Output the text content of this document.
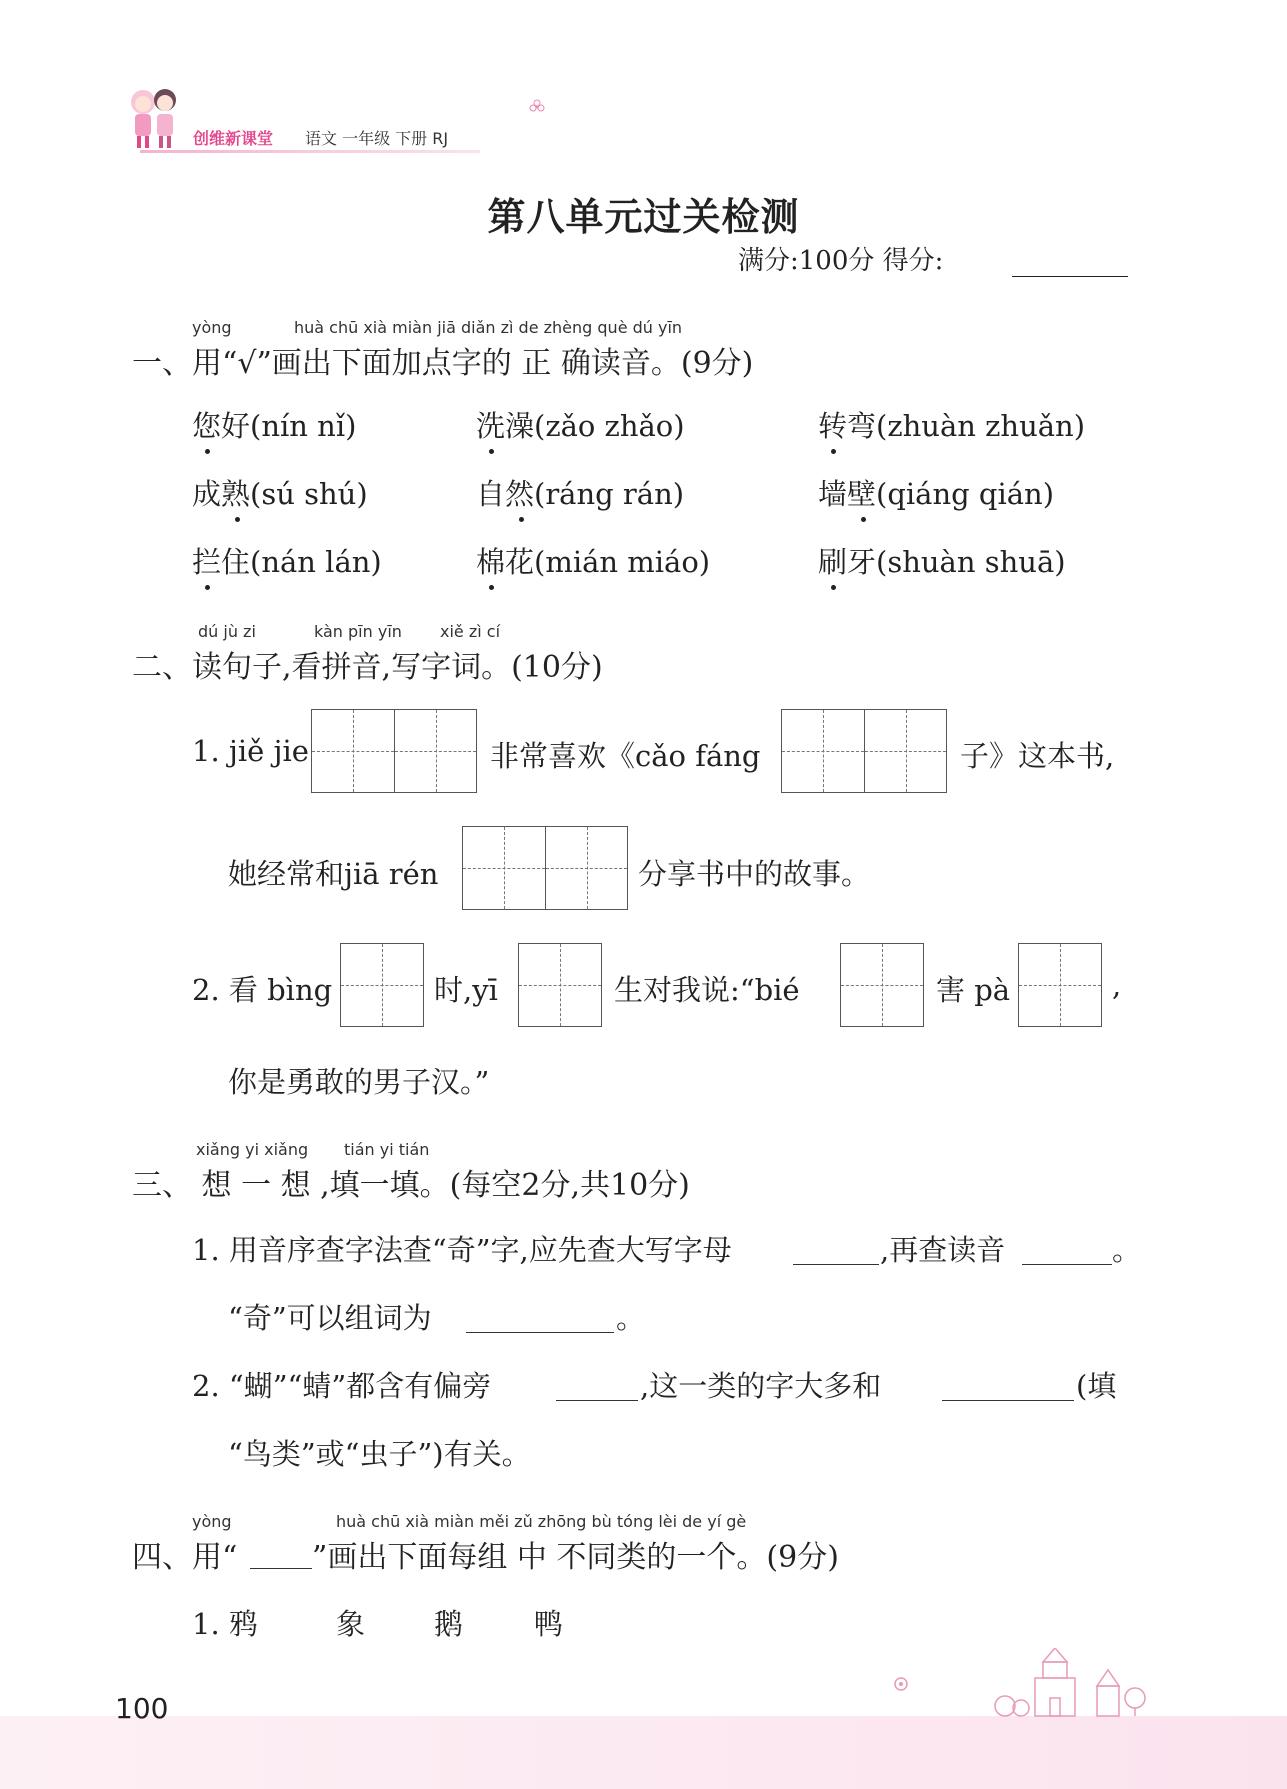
创维新课堂 语文 一年级 下册 RJ
第八单元过关检测
满分:100分 得分:
yòng	huà chū xià miàn jiā diǎn zì de zhèng què dú yīn
一、用“√”画出下面加点字的 正 确读音。(9分)
您好(nín nǐ)	洗澡(zǎo zhǎo)	转弯(zhuàn zhuǎn)
成熟(sú shú)	自然(ráng rán)	墙壁(qiáng qián)
拦住(nán lán)	棉花(mián miáo)	刷牙(shuàn shuā)
dú jù zi	kàn pīn yīn xiě zì cí
二、读句子,看拼音,写字词。(10分)
1. jiě jie	非常喜欢《cǎo fáng	子》这本书,
她经常和jiā rén	分享书中的故事。
2. 看 bìng	时,yī	生对我说:“bié	害 pà	,
你是勇敢的男子汉。”
xiǎng yi xiǎng tián yi tián
三、 想 一 想 ,填一填。(每空2分,共10分)
1. 用音序查字法查“奇”字,应先查大写字母	,再查读音	。
“奇”可以组词为	。
2. “蝴”“蜻”都含有偏旁	,这一类的字大多和	(填
“鸟类”或“虫子”)有关。
yòng	huà chū xià miàn měi zǔ zhōng bù tóng lèi de yí gè
四、用“ ”画出下面每组 中 不同类的一个。(9分)
1. 鸦	象 鹅 鸭
100
